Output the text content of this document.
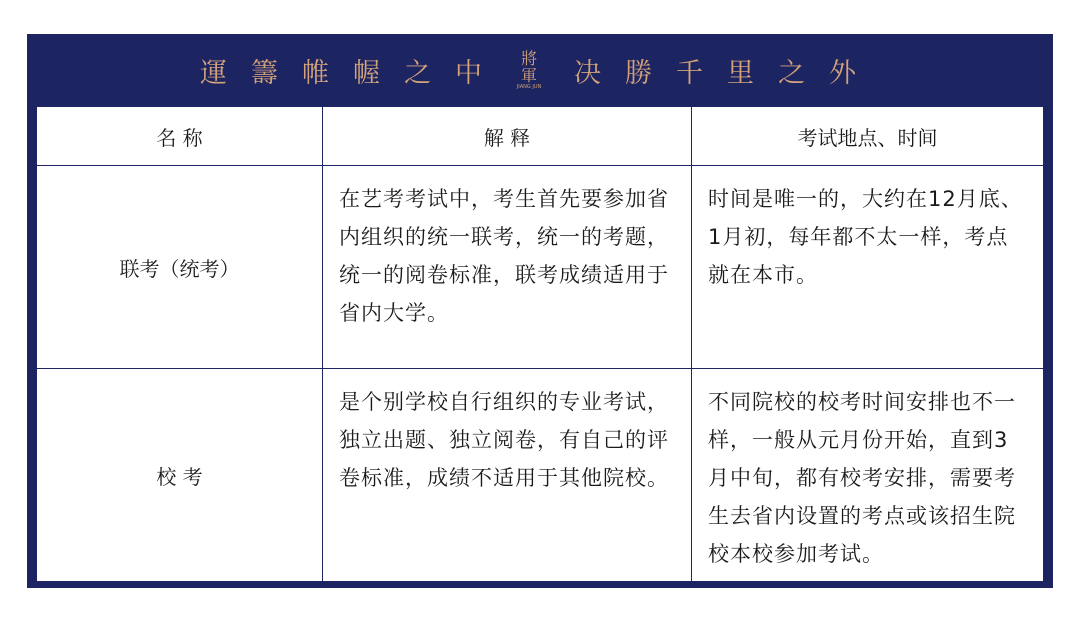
運籌帷幄之中 將
軍
JIANG JUN 决勝千里之外
名 称	解 释	考试地点、时间
联考（统考）	在艺考考试中，考生首先要参加省内组织的统一联考，统一的考题，统一的阅卷标准，联考成绩适用于省内大学。	时间是唯一的，大约在12月底、1月初，每年都不太一样，考点就在本市。
校 考	是个别学校自行组织的专业考试，独立出题、独立阅卷，有自己的评卷标准，成绩不适用于其他院校。	不同院校的校考时间安排也不一样，一般从元月份开始，直到3月中旬，都有校考安排，需要考生去省内设置的考点或该招生院校本校参加考试。
